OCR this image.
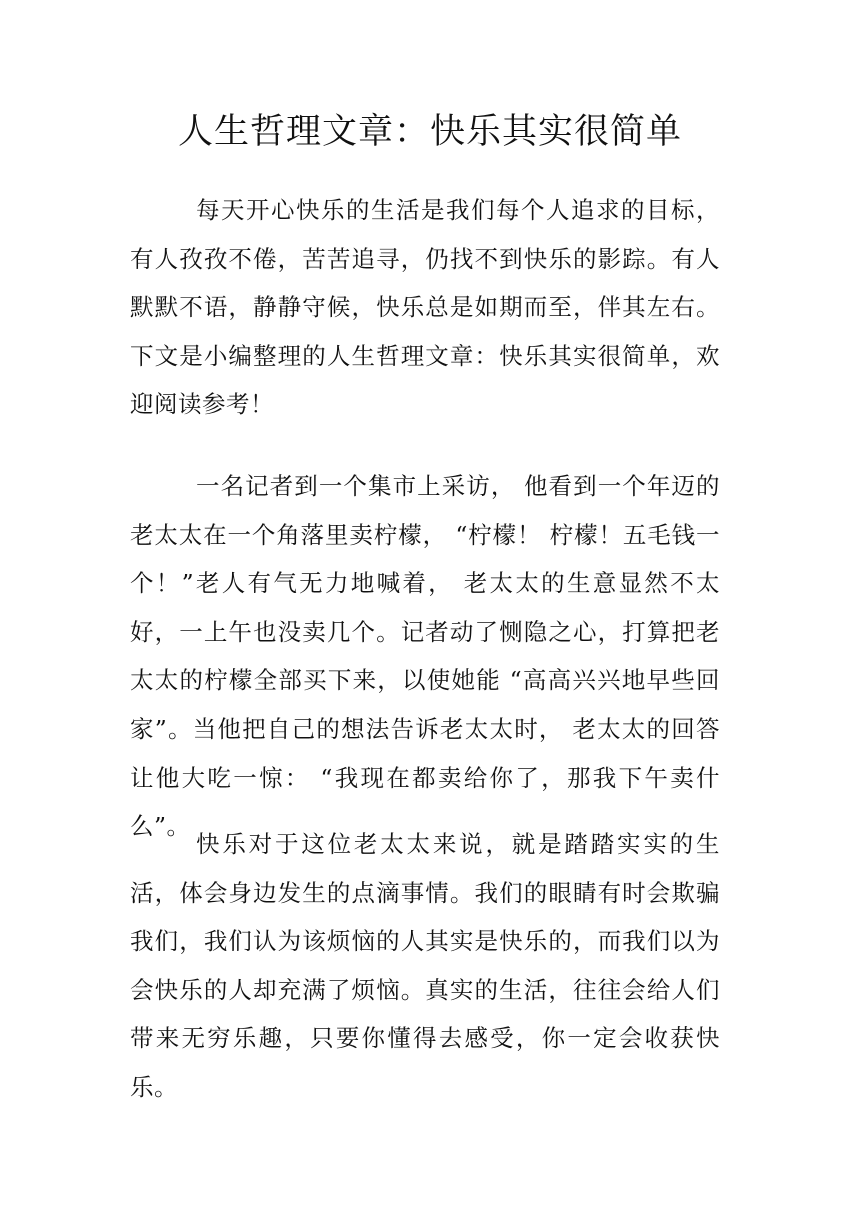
人生哲理文章：快乐其实很简单

每天开心快乐的生活是我们每个人追求的目标，有人孜孜不倦，苦苦追寻，仍找不到快乐的影踪。有人默默不语，静静守候，快乐总是如期而至，伴其左右。下文是小编整理的人生哲理文章：快乐其实很简单，欢迎阅读参考！

一名记者到一个集市上采访， 他看到一个年迈的老太太在一个角落里卖柠檬， “柠檬！ 柠檬！五毛钱一个！”老人有气无力地喊着， 老太太的生意显然不太好，一上午也没卖几个。记者动了恻隐之心，打算把老太太的柠檬全部买下来，以使她能 “高高兴兴地早些回家”。当他把自己的想法告诉老太太时， 老太太的回答让他大吃一惊： “我现在都卖给你了，那我下午卖什么”。

快乐对于这位老太太来说，就是踏踏实实的生活，体会身边发生的点滴事情。我们的眼睛有时会欺骗我们，我们认为该烦恼的人其实是快乐的，而我们以为会快乐的人却充满了烦恼。真实的生活，往往会给人们带来无穷乐趣，只要你懂得去感受，你一定会收获快乐。
